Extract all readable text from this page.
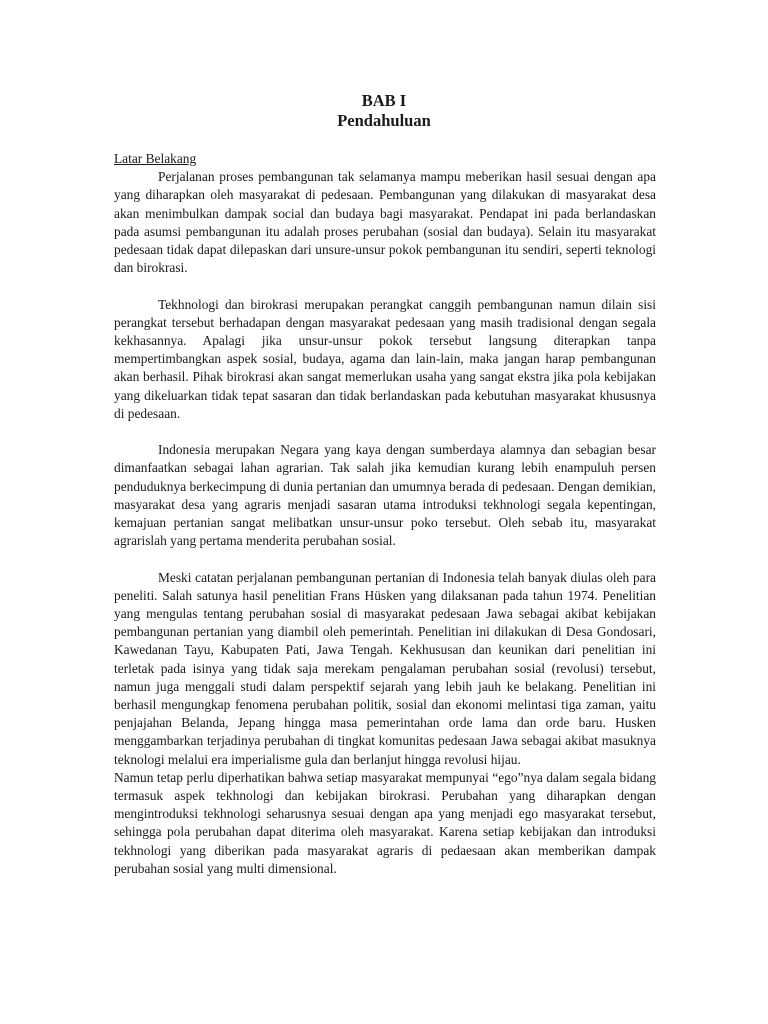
BAB I
Pendahuluan

Latar Belakang

Perjalanan proses pembangunan tak selamanya mampu meberikan hasil sesuai dengan apa yang diharapkan oleh masyarakat di pedesaan. Pembangunan yang dilakukan di masyarakat desa akan menimbulkan dampak social dan budaya bagi masyarakat. Pendapat ini pada berlandaskan pada asumsi pembangunan itu adalah proses perubahan (sosial dan budaya). Selain itu masyarakat pedesaan tidak dapat dilepaskan dari unsure-unsur pokok pembangunan itu sendiri, seperti teknologi dan birokrasi.

Tekhnologi dan birokrasi merupakan perangkat canggih pembangunan namun dilain sisi perangkat tersebut berhadapan dengan masyarakat pedesaan yang masih tradisional dengan segala kekhasannya. Apalagi jika unsur-unsur pokok tersebut langsung diterapkan tanpa mempertimbangkan aspek sosial, budaya, agama dan lain-lain, maka jangan harap pembangunan akan berhasil. Pihak birokrasi akan sangat memerlukan usaha yang sangat ekstra jika pola kebijakan yang dikeluarkan tidak tepat sasaran dan tidak berlandaskan pada kebutuhan masyarakat khususnya di pedesaan.

Indonesia merupakan Negara yang kaya dengan sumberdaya alamnya dan sebagian besar dimanfaatkan sebagai lahan agrarian. Tak salah jika kemudian kurang lebih enampuluh persen penduduknya berkecimpung di dunia pertanian dan umumnya berada di pedesaan. Dengan demikian, masyarakat desa yang agraris menjadi sasaran utama introduksi tekhnologi segala kepentingan, kemajuan pertanian sangat melibatkan unsur-unsur poko tersebut. Oleh sebab itu, masyarakat agrarislah yang pertama menderita perubahan sosial.

Meski catatan perjalanan pembangunan pertanian di Indonesia telah banyak diulas oleh para peneliti. Salah satunya hasil penelitian Frans Hüsken yang dilaksanan pada tahun 1974. Penelitian yang mengulas tentang perubahan sosial di masyarakat pedesaan Jawa sebagai akibat kebijakan pembangunan pertanian yang diambil oleh pemerintah. Penelitian ini dilakukan di Desa Gondosari, Kawedanan Tayu, Kabupaten Pati, Jawa Tengah. Kekhususan dan keunikan dari penelitian ini terletak pada isinya yang tidak saja merekam pengalaman perubahan sosial (revolusi) tersebut, namun juga menggali studi dalam perspektif sejarah yang lebih jauh ke belakang. Penelitian ini berhasil mengungkap fenomena perubahan politik, sosial dan ekonomi melintasi tiga zaman, yaitu penjajahan Belanda, Jepang hingga masa pemerintahan orde lama dan orde baru. Husken menggambarkan terjadinya perubahan di tingkat komunitas pedesaan Jawa sebagai akibat masuknya teknologi melalui era imperialisme gula dan berlanjut hingga revolusi hijau.

Namun tetap perlu diperhatikan bahwa setiap masyarakat mempunyai “ego”nya dalam segala bidang termasuk aspek tekhnologi dan kebijakan birokrasi. Perubahan yang diharapkan dengan mengintroduksi tekhnologi seharusnya sesuai dengan apa yang menjadi ego masyarakat tersebut, sehingga pola perubahan dapat diterima oleh masyarakat. Karena setiap kebijakan dan introduksi tekhnologi yang diberikan pada masyarakat agraris di pedaesaan akan memberikan dampak perubahan sosial yang multi dimensional.
